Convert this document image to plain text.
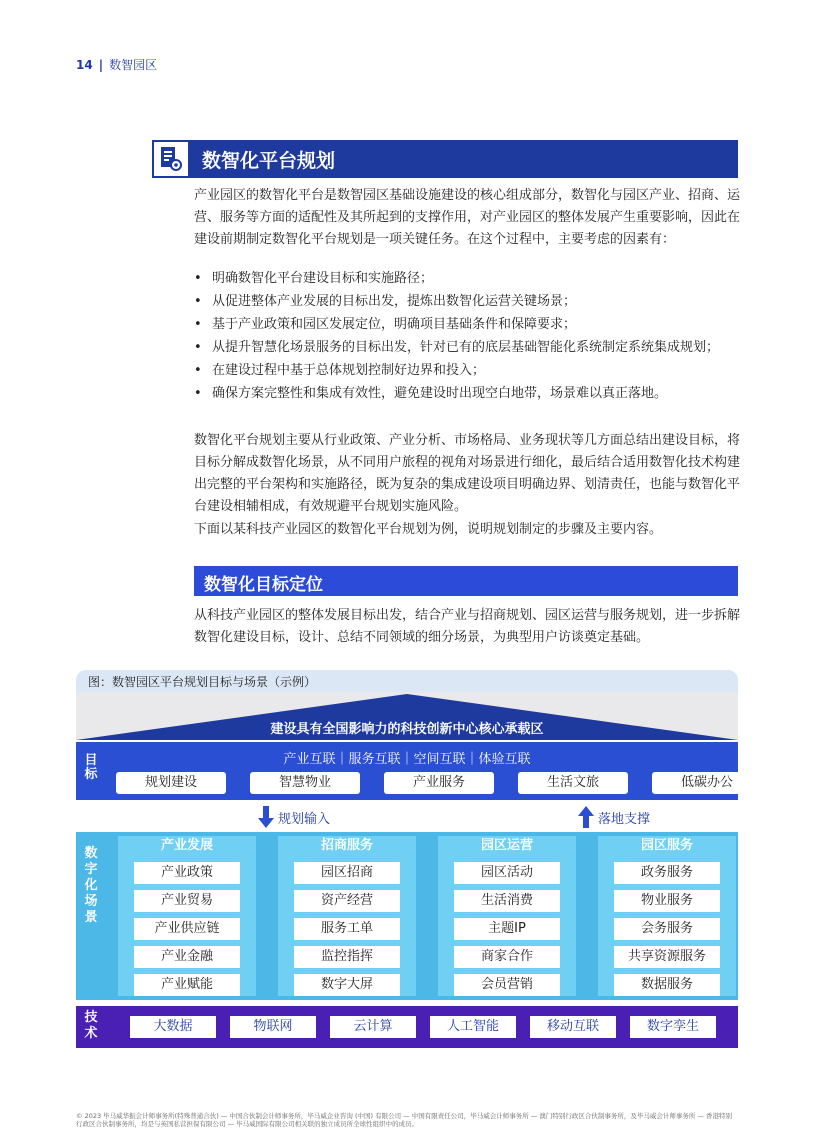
14 | 数智园区
数智化平台规划

产业园区的数智化平台是数智园区基础设施建设的核心组成部分，数智化与园区产业、招商、运营、服务等方面的适配性及其所起到的支撑作用，对产业园区的整体发展产生重要影响，因此在建设前期制定数智化平台规划是一项关键任务。在这个过程中，主要考虑的因素有：

• 明确数智化平台建设目标和实施路径；
• 从促进整体产业发展的目标出发，提炼出数智化运营关键场景；
• 基于产业政策和园区发展定位，明确项目基础条件和保障要求；
• 从提升智慧化场景服务的目标出发，针对已有的底层基础智能化系统制定系统集成规划；
• 在建设过程中基于总体规划控制好边界和投入；
• 确保方案完整性和集成有效性，避免建设时出现空白地带，场景难以真正落地。

数智化平台规划主要从行业政策、产业分析、市场格局、业务现状等几方面总结出建设目标，将目标分解成数智化场景，从不同用户旅程的视角对场景进行细化，最后结合适用数智化技术构建出完整的平台架构和实施路径，既为复杂的集成建设项目明确边界、划清责任，也能与数智化平台建设相辅相成，有效规避平台规划实施风险。

下面以某科技产业园区的数智化平台规划为例，说明规划制定的步骤及主要内容。

数智化目标定位

从科技产业园区的整体发展目标出发，结合产业与招商规划、园区运营与服务规划，进一步拆解数智化建设目标，设计、总结不同领域的细分场景，为典型用户访谈奠定基础。

图：数智园区平台规划目标与场景（示例）
建设具有全国影响力的科技创新中心核心承载区
目标
产业互联｜服务互联｜空间互联｜体验互联
规划建设	智慧物业	产业服务	生活文旅	低碳办公
规划输入	落地支撑
数字化场景
产业发展
产业政策
产业贸易
产业供应链
产业金融
产业赋能
招商服务
园区招商
资产经营
服务工单
监控指挥
数字大屏
园区运营
园区活动
生活消费
主题IP
商家合作
会员营销
园区服务
政务服务
物业服务
会务服务
共享资源服务
数据服务
技术	大数据	物联网	云计算	人工智能	移动互联	数字孪生
© 2023 毕马威华振会计师事务所(特殊普通合伙) — 中国合伙制会计师事务所，毕马威企业咨询 (中国) 有限公司 — 中国有限责任公司，毕马威会计师事务所 — 澳门特别行政区合伙制事务所，及毕马威会计师事务所 — 香港特别行政区合伙制事务所，均是与英国私营担保有限公司 — 毕马威国际有限公司相关联的独立成员所全球性组织中的成员。
